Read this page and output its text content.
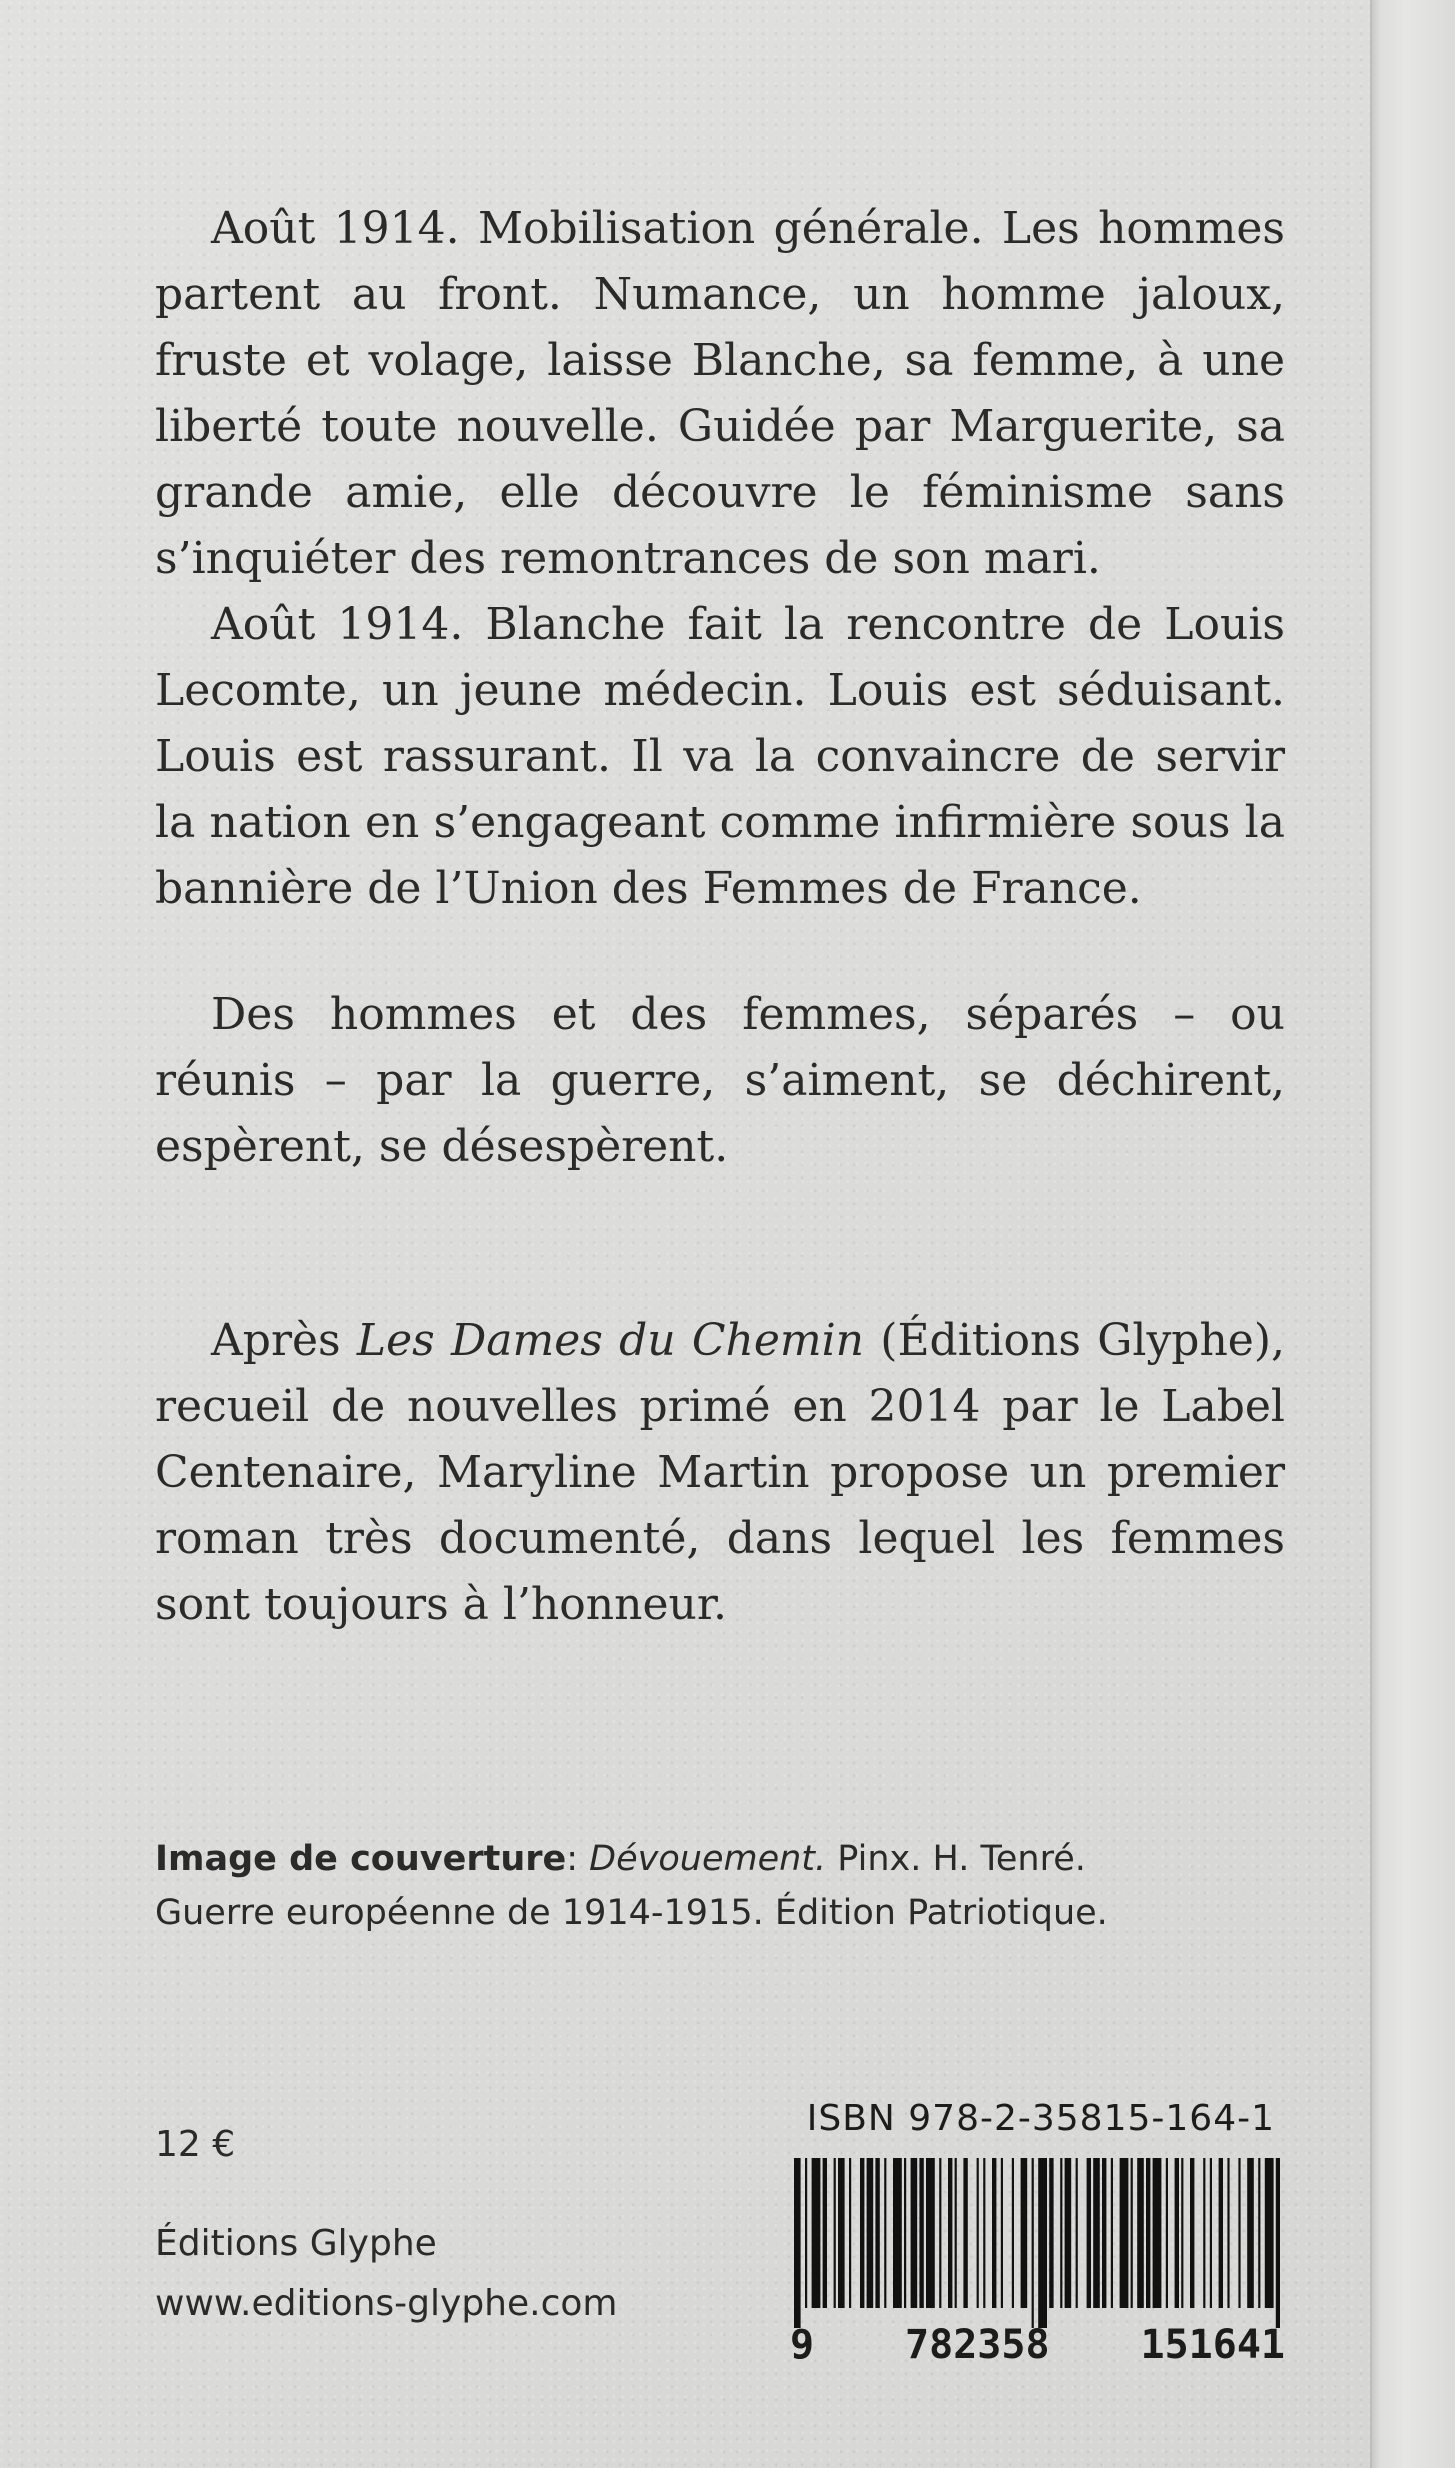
Août 1914. Mobilisation générale. Les hommes partent au front. Numance, un homme jaloux, fruste et volage, laisse Blanche, sa femme, à une liberté toute nouvelle. Guidée par Marguerite, sa grande amie, elle découvre le féminisme sans s’inquiéter des remontrances de son mari.

Août 1914. Blanche fait la rencontre de Louis Lecomte, un jeune médecin. Louis est séduisant. Louis est rassurant. Il va la convaincre de servir la nation en s’engageant comme infirmière sous la bannière de l’Union des Femmes de France.

Des hommes et des femmes, séparés – ou réunis – par la guerre, s’aiment, se déchirent, espèrent, se désespèrent.

Après Les Dames du Chemin (Éditions Glyphe), recueil de nouvelles primé en 2014 par le Label Centenaire, Maryline Martin propose un premier roman très documenté, dans lequel les femmes sont toujours à l’honneur.

Image de couverture: Dévouement. Pinx. H. Tenré.
Guerre européenne de 1914-1915. Édition Patriotique.
12 €
Éditions Glyphe
www.editions-glyphe.com
ISBN 978-2-35815-164-1
9 782358 151641
